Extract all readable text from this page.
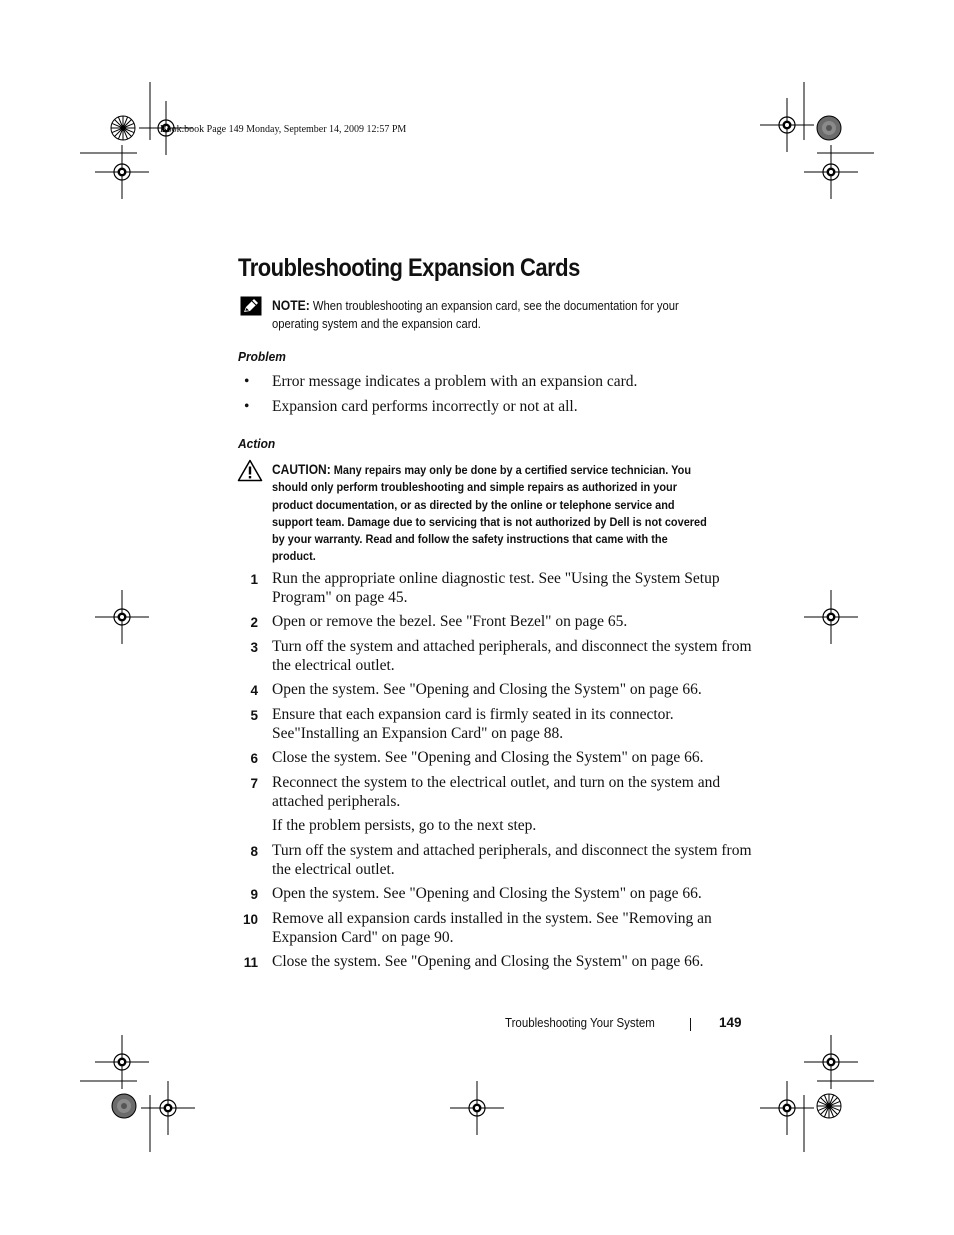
Book.book Page 149 Monday, September 14, 2009 12:57 PM
Troubleshooting Expansion Cards
NOTE: When troubleshooting an expansion card, see the documentation for your operating system and the expansion card.
Problem
• Error message indicates a problem with an expansion card.
• Expansion card performs incorrectly or not at all.
Action
CAUTION: Many repairs may only be done by a certified service technician. You should only perform troubleshooting and simple repairs as authorized in your product documentation, or as directed by the online or telephone service and support team. Damage due to servicing that is not authorized by Dell is not covered by your warranty. Read and follow the safety instructions that came with the product.
1 Run the appropriate online diagnostic test. See "Using the System Setup Program" on page 45.
2 Open or remove the bezel. See "Front Bezel" on page 65.
3 Turn off the system and attached peripherals, and disconnect the system from the electrical outlet.
4 Open the system. See "Opening and Closing the System" on page 66.
5 Ensure that each expansion card is firmly seated in its connector. See"Installing an Expansion Card" on page 88.
6 Close the system. See "Opening and Closing the System" on page 66.
7 Reconnect the system to the electrical outlet, and turn on the system and attached peripherals.
If the problem persists, go to the next step.
8 Turn off the system and attached peripherals, and disconnect the system from the electrical outlet.
9 Open the system. See "Opening and Closing the System" on page 66.
10 Remove all expansion cards installed in the system. See "Removing an Expansion Card" on page 90.
11 Close the system. See "Opening and Closing the System" on page 66.
Troubleshooting Your System	149
